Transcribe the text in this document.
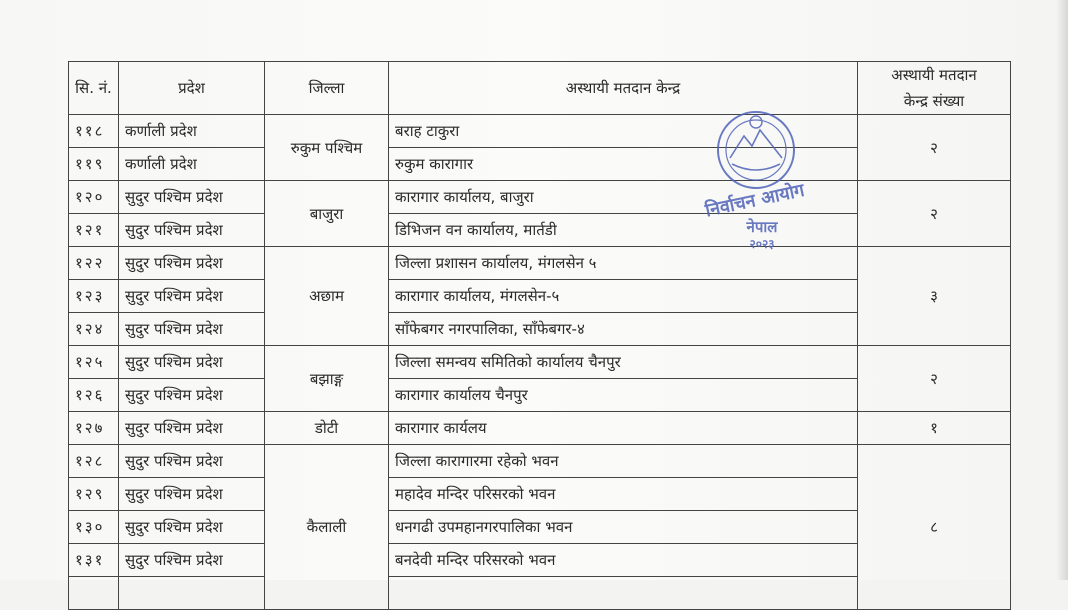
सि. नं.	प्रदेश	जिल्ला	अस्थायी मतदान केन्द्र	अस्थायी मतदान
केन्द्र संख्या

११८	कर्णाली प्रदेश	रुकुम पश्चिम	बराह टाकुरा	२
११९	कर्णाली प्रदेश		रुकुम कारागार	
१२०	सुदुर पश्चिम प्रदेश	बाजुरा	कारागार कार्यालय, बाजुरा	२
१२१	सुदुर पश्चिम प्रदेश		डिभिजन वन कार्यालय, मार्तडी	
१२२	सुदुर पश्चिम प्रदेश	अछाम	जिल्ला प्रशासन कार्यालय, मंगलसेन ५	३
१२३	सुदुर पश्चिम प्रदेश		कारागार कार्यालय, मंगलसेन-५	
१२४	सुदुर पश्चिम प्रदेश		साँफेबगर नगरपालिका, साँफेबगर-४	
१२५	सुदुर पश्चिम प्रदेश	बझाङ्ग	जिल्ला समन्वय समितिको कार्यालय चैनपुर	२
१२६	सुदुर पश्चिम प्रदेश		कारागार कार्यालय चैनपुर	
१२७	सुदुर पश्चिम प्रदेश	डोटी	कारागार कार्यलय	१
१२८	सुदुर पश्चिम प्रदेश	कैलाली	जिल्ला कारागारमा रहेको भवन	८
१२९	सुदुर पश्चिम प्रदेश		महादेव मन्दिर परिसरको भवन	
१३०	सुदुर पश्चिम प्रदेश		धनगढी उपमहानगरपालिका भवन	
१३१	सुदुर पश्चिम प्रदेश		बनदेवी मन्दिर परिसरको भवन	

निर्वाचन आयोग
नेपाल
२०२३
